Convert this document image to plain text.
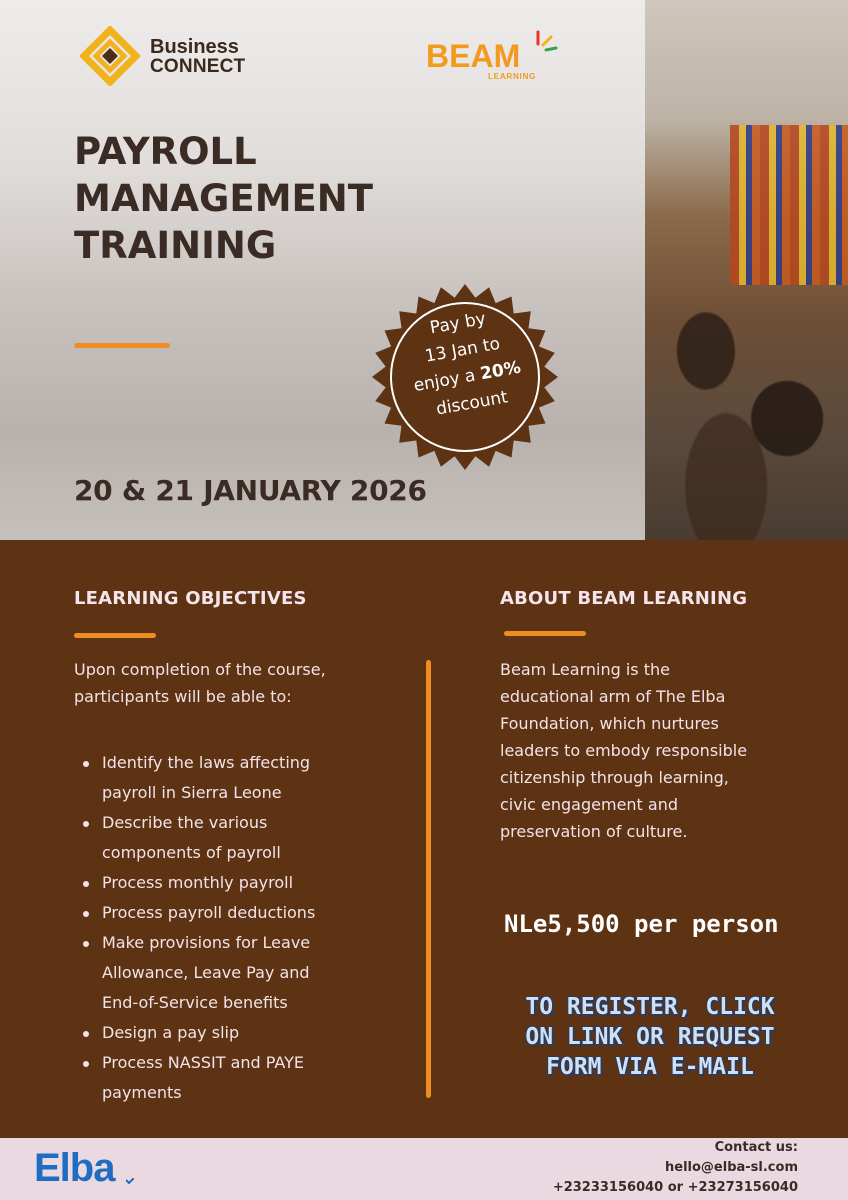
Business
CONNECT	BEAM
LEARNING
PAYROLL
MANAGEMENT
TRAINING
Pay by
13 Jan to
enjoy a 20%
discount
20 & 21 JANUARY 2026
LEARNING OBJECTIVES
Upon completion of the course,
participants will be able to:
Identify the laws affecting
payroll in Sierra Leone
Describe the various
components of payroll
Process monthly payroll
Process payroll deductions
Make provisions for Leave
Allowance, Leave Pay and
End-of-Service benefits
Design a pay slip
Process NASSIT and PAYE
payments
ABOUT BEAM LEARNING
Beam Learning is the
educational arm of The Elba
Foundation, which nurtures
leaders to embody responsible
citizenship through learning,
civic engagement and
preservation of culture.
NLe5,500 per person
TO REGISTER, CLICK
ON LINK OR REQUEST
FORM VIA E-MAIL
Elba	Contact us:
hello@elba-sl.com
+23233156040 or +23273156040
